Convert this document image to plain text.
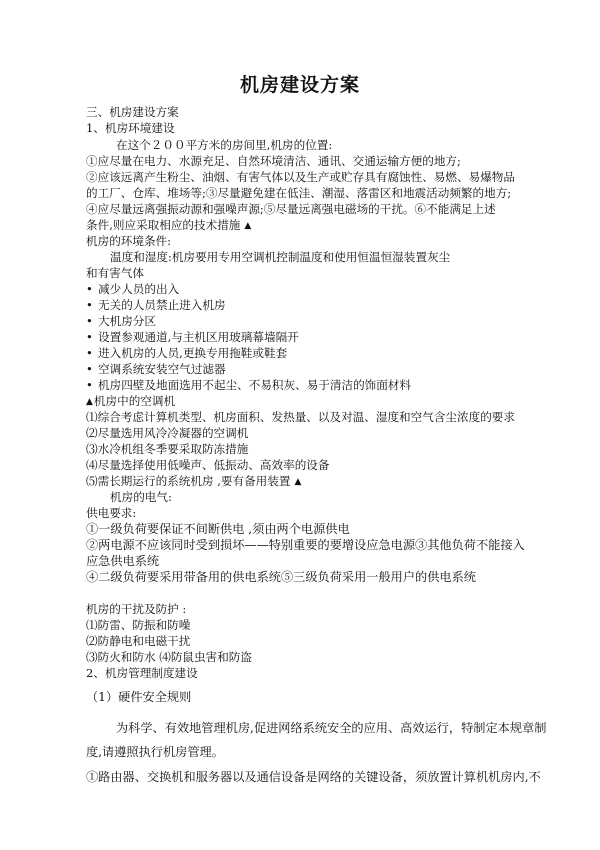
机房建设方案
三、机房建设方案
1、机房环境建设
在这个２００平方米的房间里,机房的位置:
①应尽量在电力、水源充足、自然环境清洁、通讯、交通运输方便的地方;
②应该远离产生粉尘、油烟、有害气体以及生产或贮存具有腐蚀性、易燃、易爆物品
的工厂、仓库、堆场等;③尽量避免建在低洼、潮湿、落雷区和地震活动频繁的地方;
④应尽量远离强振动源和强噪声源;⑤尽量远离强电磁场的干扰。⑥不能满足上述
条件,则应采取相应的技术措施 ▲
机房的环境条件:
温度和湿度:机房要用专用空调机控制温度和使用恒温恒湿装置灰尘
和有害气体
• 减少人员的出入
• 无关的人员禁止进入机房
• 大机房分区
• 设置参观通道,与主机区用玻璃幕墙隔开
• 进入机房的人员,更换专用拖鞋或鞋套
• 空调系统安装空气过滤器
• 机房四壁及地面选用不起尘、不易积灰、易于清洁的饰面材料
▲机房中的空调机
⑴综合考虑计算机类型、机房面积、发热量、以及对温、湿度和空气含尘浓度的要求
⑵尽量选用风冷冷凝器的空调机
⑶水冷机组冬季要采取防冻措施
⑷尽量选择使用低噪声、低振动、高效率的设备
⑸需长期运行的系统机房 ,要有备用装置 ▲
机房的电气:
供电要求:
①一级负荷要保证不间断供电 ,须由两个电源供电
②两电源不应该同时受到损坏——特别重要的要增设应急电源③其他负荷不能接入
应急供电系统
④二级负荷要采用带备用的供电系统⑤三级负荷采用一般用户的供电系统
机房的干扰及防护 :
⑴防雷、防振和防噪
⑵防静电和电磁干扰
⑶防火和防水 ⑷防鼠虫害和防盗
2、机房管理制度建设
（1）硬件安全规则
为科学、有效地管理机房,促进网络系统安全的应用、高效运行，特制定本规章制
度,请遵照执行机房管理。
①路由器、交换机和服务器以及通信设备是网络的关键设备，须放置计算机机房内,不
